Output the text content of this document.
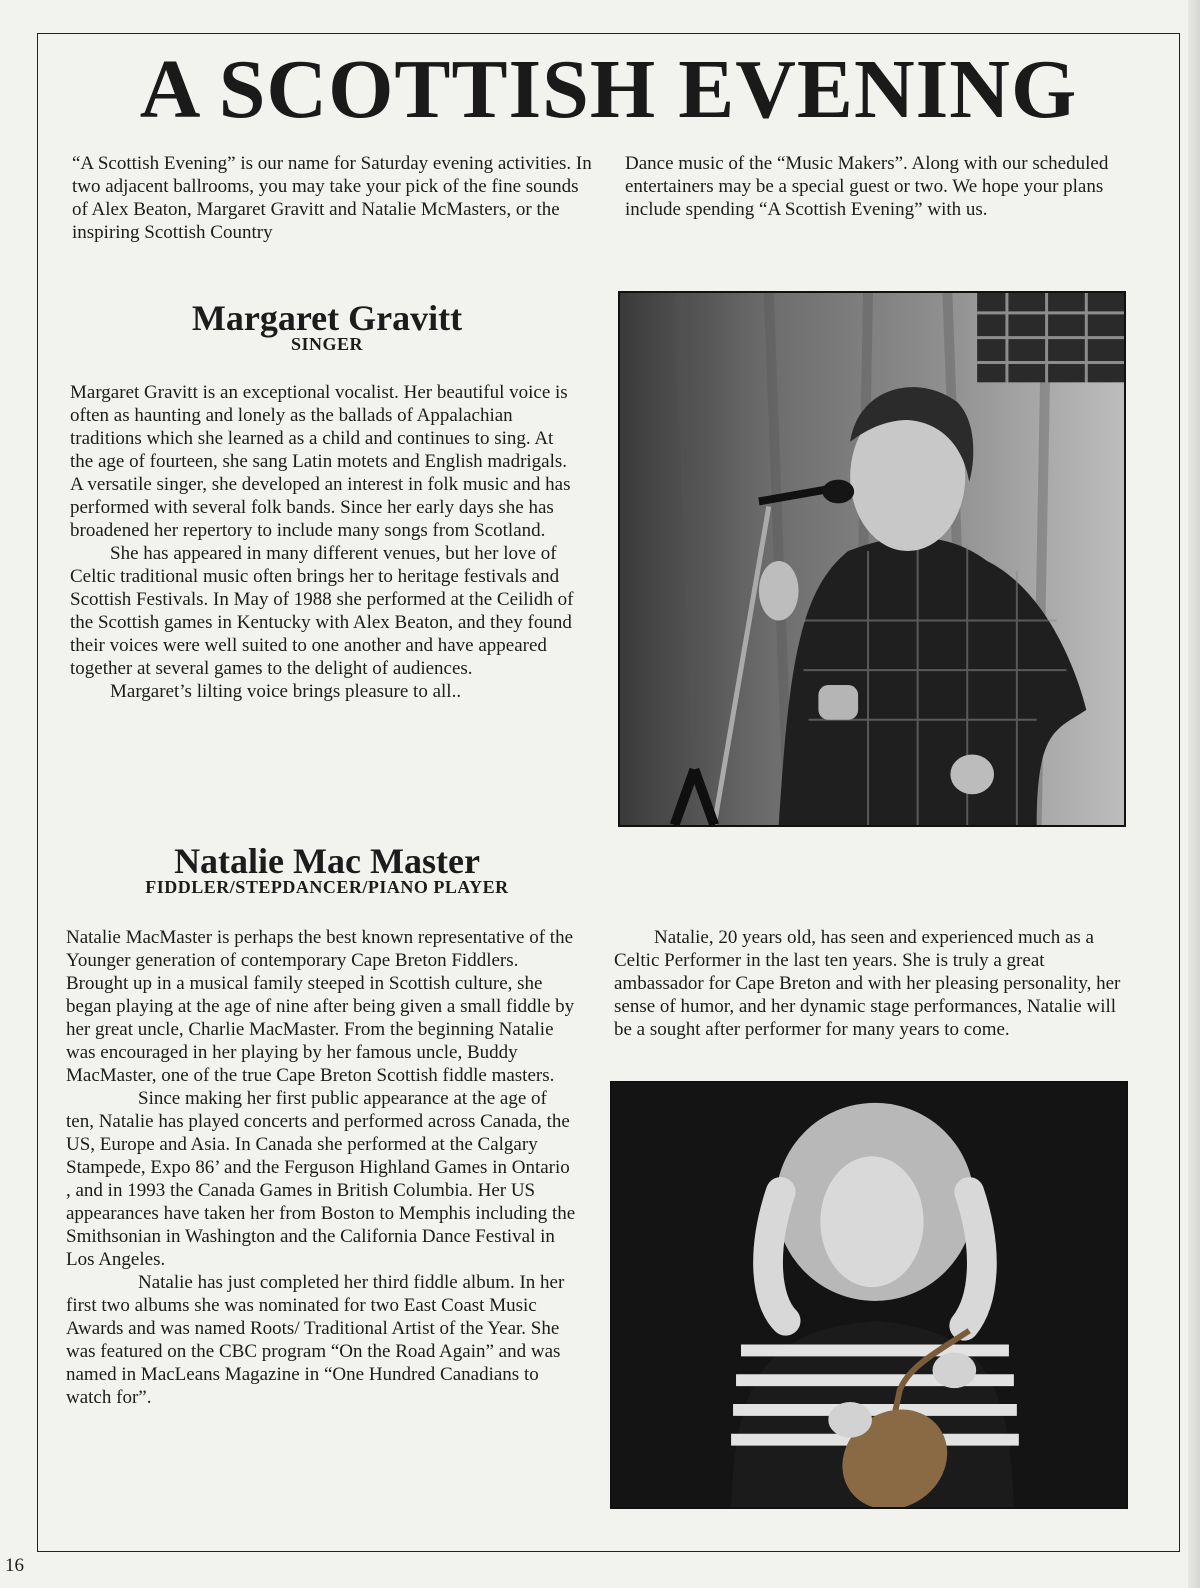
A SCOTTISH EVENING

“A Scottish Evening” is our name for Saturday evening activities. In two adjacent ballrooms, you may take your pick of the fine sounds of Alex Beaton, Margaret Gravitt and Natalie McMasters, or the inspiring Scottish Country

Dance music of the “Music Makers”. Along with our scheduled entertainers may be a special guest or two. We hope your plans include spending “A Scottish Evening” with us.

Margaret Gravitt
SINGER

Margaret Gravitt is an exceptional vocalist. Her beautiful voice is often as haunting and lonely as the ballads of Appalachian traditions which she learned as a child and continues to sing. At the age of fourteen, she sang Latin motets and English madrigals. A versatile singer, she developed an interest in folk music and has performed with several folk bands. Since her early days she has broadened her repertory to include many songs from Scotland.

She has appeared in many different venues, but her love of Celtic traditional music often brings her to heritage festivals and Scottish Festivals. In May of 1988 she performed at the Ceilidh of the Scottish games in Kentucky with Alex Beaton, and they found their voices were well suited to one another and have appeared together at several games to the delight of audiences.

Margaret’s lilting voice brings pleasure to all..

Natalie Mac Master
FIDDLER/STEPDANCER/PIANO PLAYER

Natalie MacMaster is perhaps the best known representative of the Younger generation of contemporary Cape Breton Fiddlers. Brought up in a musical family steeped in Scottish culture, she began playing at the age of nine after being given a small fiddle by her great uncle, Charlie MacMaster. From the beginning Natalie was encouraged in her playing by her famous uncle, Buddy MacMaster, one of the true Cape Breton Scottish fiddle masters.

Since making her first public appearance at the age of ten, Natalie has played concerts and performed across Canada, the US, Europe and Asia. In Canada she performed at the Calgary Stampede, Expo 86’ and the Ferguson Highland Games in Ontario , and in 1993 the Canada Games in British Columbia. Her US appearances have taken her from Boston to Memphis including the Smithsonian in Washington and the California Dance Festival in Los Angeles.

Natalie has just completed her third fiddle album. In her first two albums she was nominated for two East Coast Music Awards and was named Roots/ Traditional Artist of the Year. She was featured on the CBC program “On the Road Again” and was named in MacLeans Magazine in “One Hundred Canadians to watch for”.

Natalie, 20 years old, has seen and experienced much as a Celtic Performer in the last ten years. She is truly a great ambassador for Cape Breton and with her pleasing personality, her sense of humor, and her dynamic stage performances, Natalie will be a sought after performer for many years to come.

16
